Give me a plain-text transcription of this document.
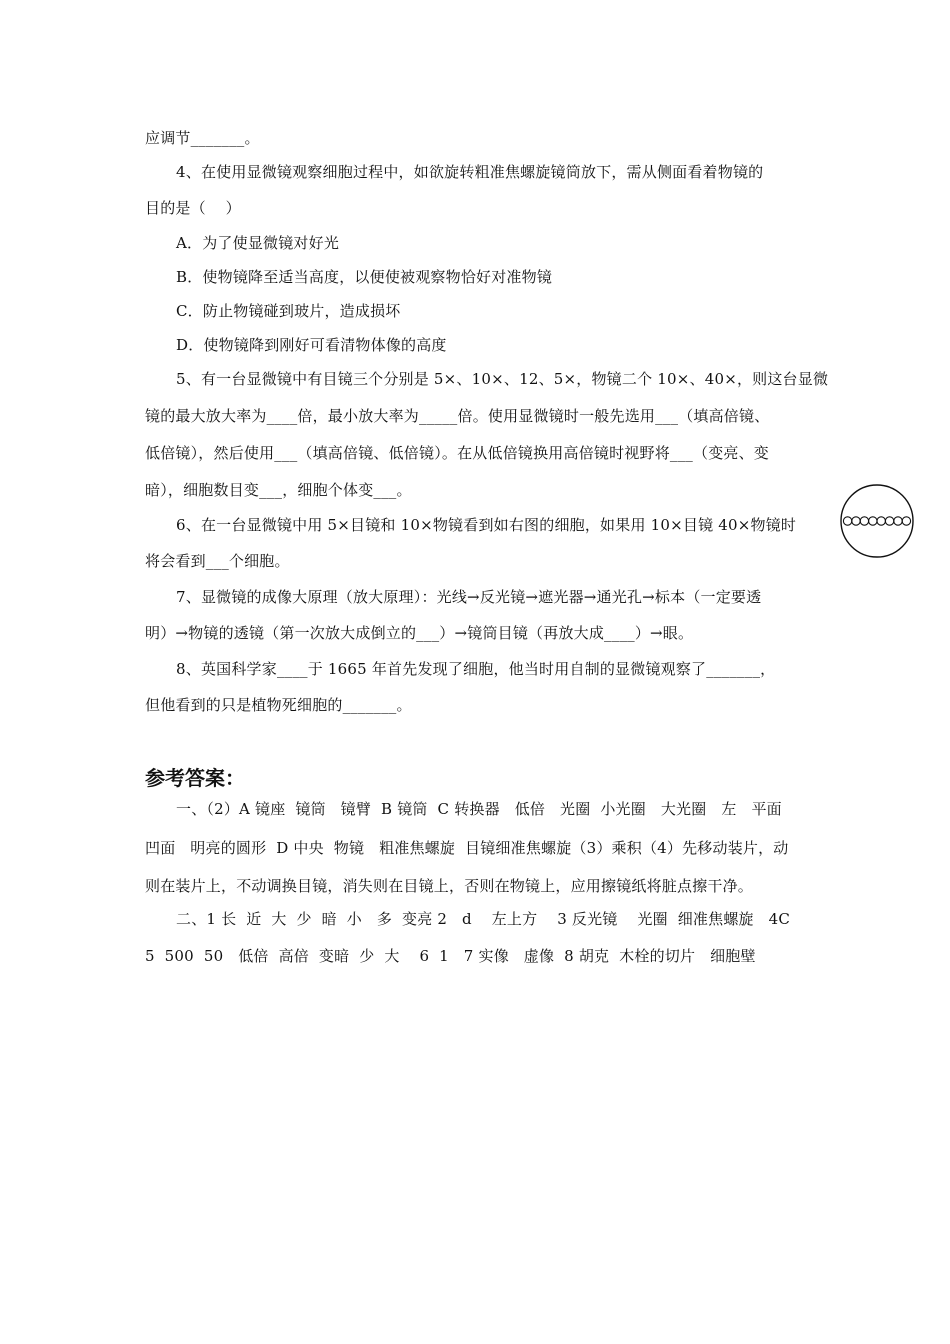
应调节_______。
4、在使用显微镜观察细胞过程中，如欲旋转粗准焦螺旋镜筒放下，需从侧面看着物镜的
目的是（    ）
A．为了使显微镜对好光
B．使物镜降至适当高度，以便使被观察物恰好对准物镜
C．防止物镜碰到玻片，造成损坏
D．使物镜降到刚好可看清物体像的高度
5、有一台显微镜中有目镜三个分别是 5×、10×、12、5×，物镜二个 10×、40×，则这台显微
镜的最大放大率为____倍，最小放大率为_____倍。使用显微镜时一般先选用___（填高倍镜、
低倍镜），然后使用___（填高倍镜、低倍镜）。在从低倍镜换用高倍镜时视野将___（变亮、变
暗），细胞数目变___，细胞个体变___。
6、在一台显微镜中用 5×目镜和 10×物镜看到如右图的细胞，如果用 10×目镜 40×物镜时
将会看到___个细胞。
7、显微镜的成像大原理（放大原理）：光线→反光镜→遮光器→通光孔→标本（一定要透
明）→物镜的透镜（第一次放大成倒立的___）→镜筒目镜（再放大成____）→眼。
8、英国科学家____于 1665 年首先发现了细胞，他当时用自制的显微镜观察了_______，
但他看到的只是植物死细胞的_______。
参考答案：
一、（2）A 镜座  镜筒   镜臂  B 镜筒  C 转换器   低倍   光圈  小光圈   大光圈   左   平面
凹面   明亮的圆形  D 中央  物镜   粗准焦螺旋  目镜细准焦螺旋（3）乘积（4）先移动装片，动
则在装片上，不动调换目镜，消失则在目镜上，否则在物镜上，应用擦镜纸将脏点擦干净。
二、1 长  近  大  少  暗  小   多  变亮 2   d    左上方    3 反光镜    光圈  细准焦螺旋   4C
5  500  50   低倍  高倍  变暗  少  大    6  1   7 实像   虚像  8 胡克  木栓的切片   细胞壁
